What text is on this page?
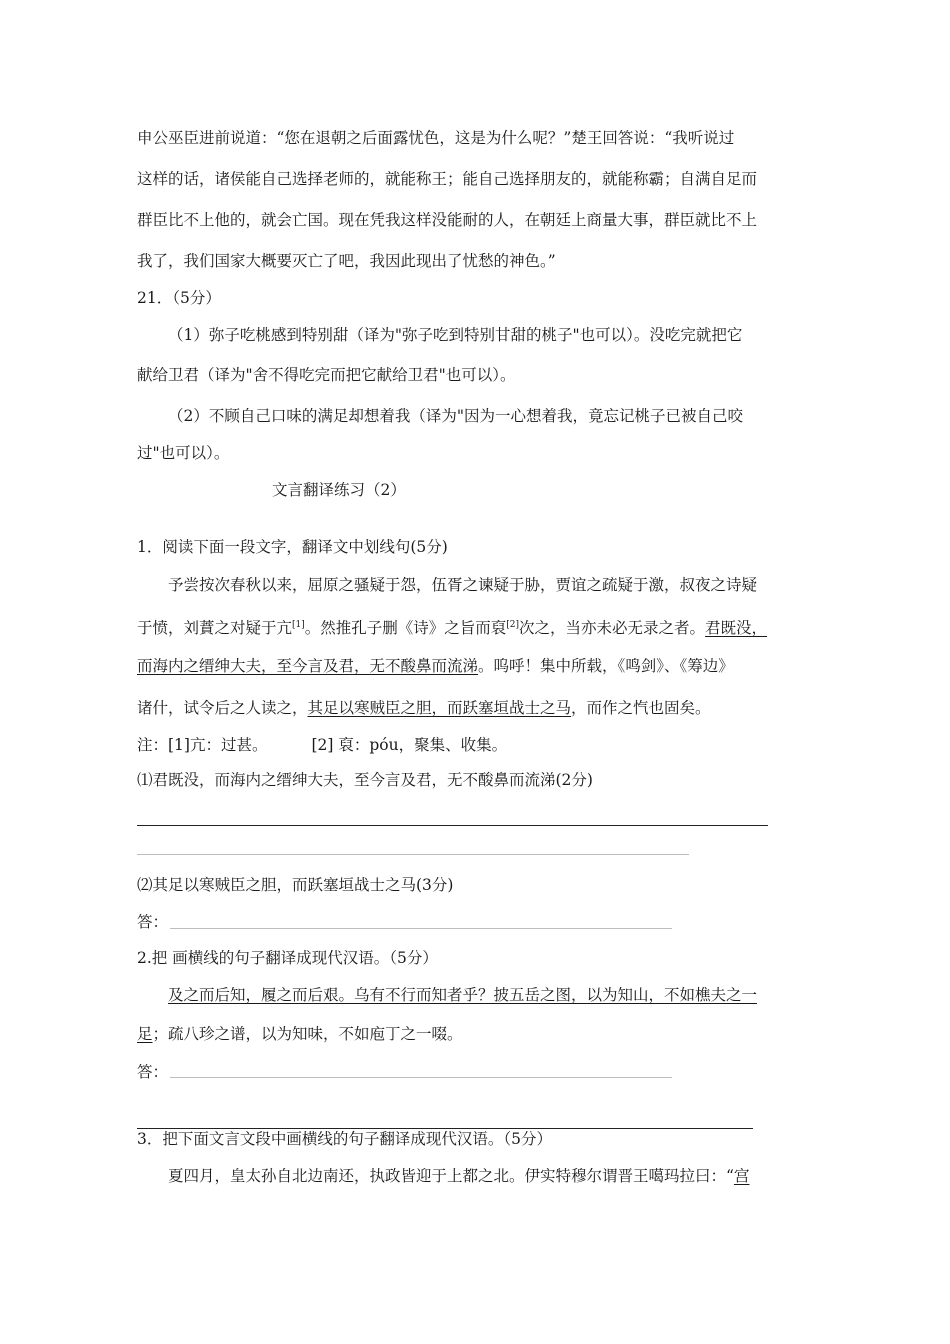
申公巫臣进前说道：“您在退朝之后面露忧色，这是为什么呢？”楚王回答说：“我听说过
这样的话，诸侯能自己选择老师的，就能称王；能自己选择朋友的，就能称霸；自满自足而
群臣比不上他的，就会亡国。现在凭我这样没能耐的人，在朝廷上商量大事，群臣就比不上
我了，我们国家大概要灭亡了吧，我因此现出了忧愁的神色。”
21．（5分）
（1）弥子吃桃感到特别甜（译为"弥子吃到特别甘甜的桃子"也可以）。没吃完就把它
献给卫君（译为"舍不得吃完而把它献给卫君"也可以）。
（2）不顾自己口味的满足却想着我（译为"因为一心想着我，竟忘记桃子已被自己咬
过"也可以）。
文言翻译练习（2）
1．阅读下面一段文字，翻译文中划线句(5分)
予尝按次春秋以来，屈原之骚疑于怨，伍胥之谏疑于胁，贾谊之疏疑于激，叔夜之诗疑
于愤，刘蕡之对疑于亢[1]。然推孔子删《诗》之旨而裒[2]次之，当亦未必无录之者。君既没，
而海内之缙绅大夫，至今言及君，无不酸鼻而流涕。呜呼！集中所载，《鸣剑》、《筹边》
诸什，试令后之人读之，其足以寒贼臣之胆，而跃塞垣战士之马，而作之忾也固矣。
注：[1]亢：过甚。	[2] 裒：póu，聚集、收集。
⑴君既没，而海内之缙绅大夫，至今言及君，无不酸鼻而流涕(2分)
⑵其足以寒贼臣之胆，而跃塞垣战士之马(3分)
答：
2.把 画横线的句子翻译成现代汉语。（5分）
及之而后知，履之而后艰。乌有不行而知者乎？披五岳之图，以为知山，不如樵夫之一
足；疏八珍之谱，以为知味，不如庖丁之一啜。
答：
3．把下面文言文段中画横线的句子翻译成现代汉语。（5分）
夏四月，皇太孙自北边南还，执政皆迎于上都之北。伊实特穆尔谓晋王噶玛拉曰：“宫
